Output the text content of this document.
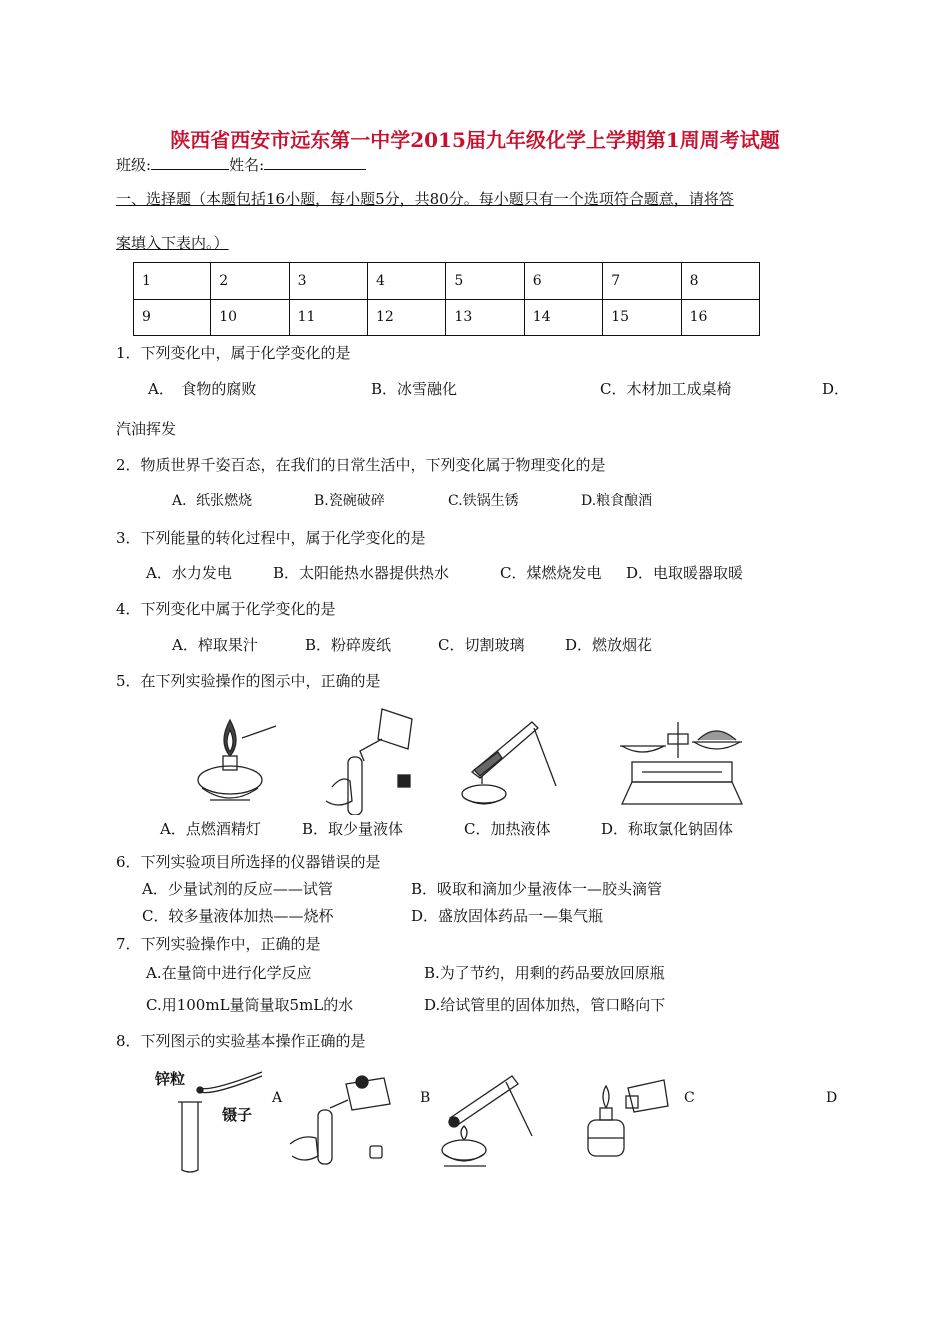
陕西省西安市远东第一中学2015届九年级化学上学期第1周周考试题
班级:	姓名:
一、选择题（本题包括16小题，每小题5分，共80分。每小题只有一个选项符合题意，请将答
案填入下表内。）
1	2	3	4	5	6	7	8
9	10	11	12	13	14	15	16
1．下列变化中，属于化学变化的是
A．　食物的腐败	B．冰雪融化	C．木材加工成桌椅	D．
汽油挥发
2．物质世界千姿百态，在我们的日常生活中，下列变化属于物理变化的是
A．纸张燃烧	B.瓷碗破碎	C.铁锅生锈	D.粮食酿酒
3．下列能量的转化过程中，属于化学变化的是
A．水力发电	B．太阳能热水器提供热水	C．煤燃烧发电 D．电取暖器取暖
4．下列变化中属于化学变化的是
A．榨取果汁	B．粉碎废纸	C．切割玻璃	D．燃放烟花
5．在下列实验操作的图示中，正确的是
A．点燃酒精灯	B．取少量液体	C．加热液体	D．称取氯化钠固体
6．下列实验项目所选择的仪器错误的是
A．少量试剂的反应——试管	B．吸取和滴加少量液体一—胶头滴管
C．较多量液体加热——烧杯	D．盛放固体药品一—集气瓶
7．下列实验操作中，正确的是
A.在量筒中进行化学反应	B.为了节约，用剩的药品要放回原瓶
C.用100mL量筒量取5mL的水	D.给试管里的固体加热，管口略向下
8．下列图示的实验基本操作正确的是
锌粒
镊子
A	B	C	D
